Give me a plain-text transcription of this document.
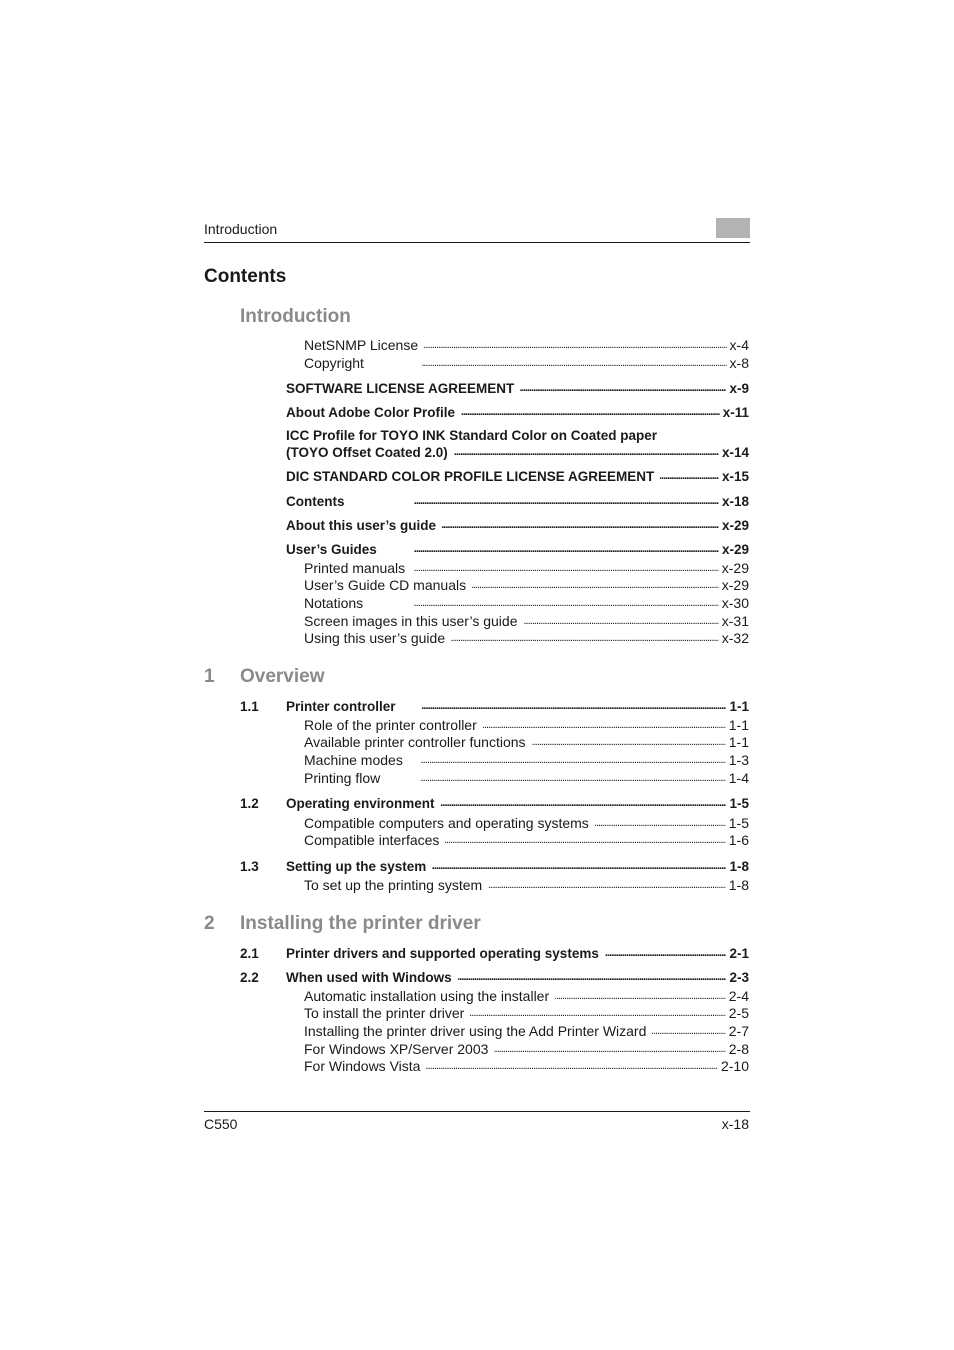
Introduction
Contents
Introduction
NetSNMP License . . .	x-4
Copyright . . .	x-8
SOFTWARE LICENSE AGREEMENT . . .	x-9
About Adobe Color Profile . . .	x-11
ICC Profile for TOYO INK Standard Color on Coated paper
(TOYO Offset Coated 2.0) . . .	x-14
DIC STANDARD COLOR PROFILE LICENSE AGREEMENT . . .	x-15
Contents . . .	x-18
About this user’s guide . . .	x-29
User’s Guides . . .	x-29
Printed manuals . . .	x-29
User’s Guide CD manuals . . .	x-29
Notations . . .	x-30
Screen images in this user’s guide . . .	x-31
Using this user’s guide . . .	x-32
1 Overview
1.1 Printer controller . . .	1-1
Role of the printer controller . . .	1-1
Available printer controller functions . . .	1-1
Machine modes . . .	1-3
Printing flow . . .	1-4
1.2 Operating environment . . .	1-5
Compatible computers and operating systems . . .	1-5
Compatible interfaces . . .	1-6
1.3 Setting up the system . . .	1-8
To set up the printing system . . .	1-8
2 Installing the printer driver
2.1 Printer drivers and supported operating systems . . .	2-1
2.2 When used with Windows . . .	2-3
Automatic installation using the installer . . .	2-4
To install the printer driver . . .	2-5
Installing the printer driver using the Add Printer Wizard . . .	2-7
For Windows XP/Server 2003 . . .	2-8
For Windows Vista . . .	2-10
C550	x-18
